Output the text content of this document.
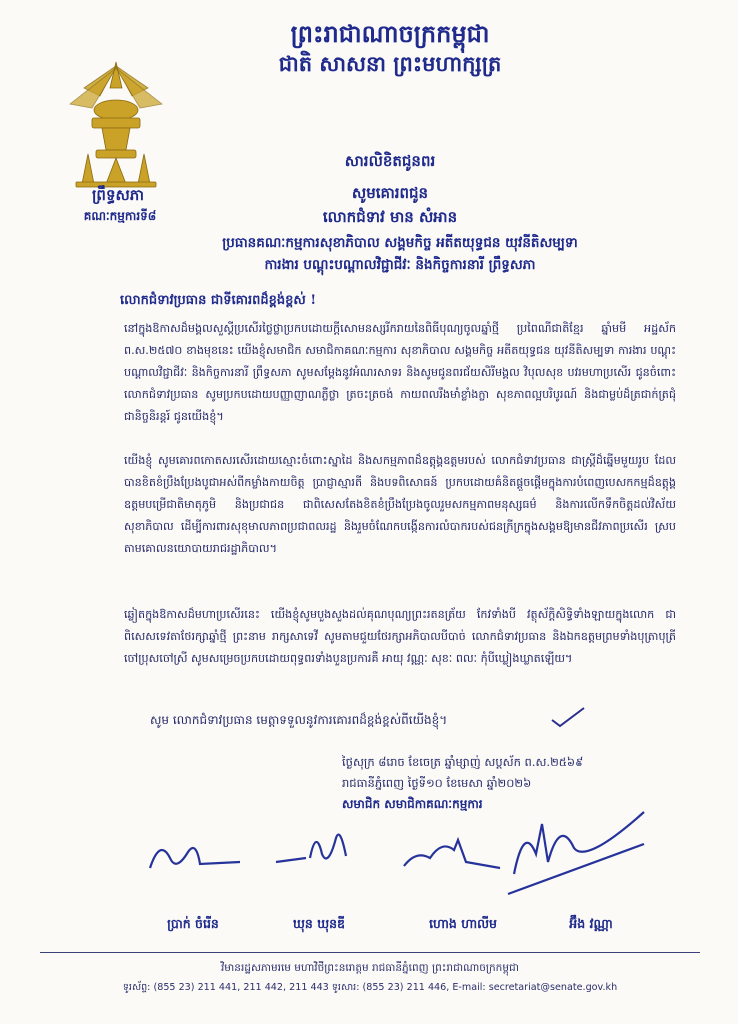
ព្រះរាជាណាចក្រកម្ពុជា
ជាតិ សាសនា ព្រះមហាក្សត្រ
ព្រឹទ្ធសភា
គណៈកម្មការទី៨
សារលិខិតជូនពរ
សូមគោរពជូន
លោកជំទាវ មាន សំអាន
ប្រធានគណៈកម្មការសុខាភិបាល សង្គមកិច្ច អតីតយុទ្ធជន យុវនីតិសម្បទា
ការងារ បណ្តុះបណ្តាលវិជ្ជាជីវៈ និងកិច្ចការនារី ព្រឹទ្ធសភា
លោកជំទាវប្រធាន ជាទីគោរពដ៏ខ្ពង់ខ្ពស់ !

នៅក្នុងឱកាសដ៏មង្គលសួស្តីប្រសើរថ្លៃថ្លាប្រកបដោយក្តីសោមនស្សរីករាយនៃពិធីបុណ្យចូលឆ្នាំថ្មី ប្រពៃណីជាតិខ្មែរ ឆ្នាំមមី អដ្ឋស័ក ព.ស.២៥៧០ ខាងមុខនេះ យើងខ្ញុំសមាជិក សមាជិកាគណៈកម្មការ សុខាភិបាល សង្គមកិច្ច អតីតយុទ្ធជន យុវនីតិសម្បទា ការងារ បណ្តុះបណ្តាលវិជ្ជាជីវៈ និងកិច្ចការនារី ព្រឹទ្ធសភា សូមសម្តែងនូវអំណរសាទរ និងសូមជូនពរជ័យសិរីមង្គល វិបុលសុខ បវរមហាប្រសើរ ជូនចំពោះ លោកជំទាវប្រធាន សូមប្រកបដោយបញ្ញាញាណភ្លឺថ្លា ត្រចះត្រចង់ កាយពលរឹងមាំខ្លាំងក្លា សុខភាពល្អបរិបូរណ៍ និងជាម្លប់ដ៏ត្រជាក់ត្រជុំ ជានិច្ចនិរន្តរ៍ ជូនយើងខ្ញុំ។

យើងខ្ញុំ សូមគោរពកោតសរសើរដោយស្មោះចំពោះស្នាដៃ និងសកម្មភាពដ៏ឧត្តុង្គឧត្តមរបស់ លោកជំទាវប្រធាន ជាស្ត្រីដ៏ឆ្នើមមួយរូប ដែលបានខិតខំប្រឹងប្រែងបូជាអស់ពីកម្លាំងកាយចិត្ត ប្រាជ្ញាស្មារតី និងបទពិសោធន៍ ប្រកបដោយគំនិតផ្តួចផ្តើមក្នុងការបំពេញបេសកកម្មដ៏ឧត្តុង្គឧត្តមបម្រើជាតិមាតុភូមិ និងប្រជាជន ជាពិសេសតែងខិតខំប្រឹងប្រែងចូលរួមសកម្មភាពមនុស្សធម៌ និងការលើកទឹកចិត្តដល់វិស័យសុខាភិបាល ដើម្បីការពារសុខុមាលភាពប្រជាពលរដ្ឋ និងរួមចំណែកបង្កើនការលំបាករបស់ជនក្រីក្រក្នុងសង្គមឱ្យមានជីវភាពប្រសើរ ស្របតាមគោលនយោបាយរាជរដ្ឋាភិបាល។

ឆ្លៀតក្នុងឱកាសដ៏មហាប្រសើរនេះ យើងខ្ញុំសូមបួងសួងដល់គុណបុណ្យព្រះរតនត្រ័យ កែវទាំងបី វត្ថុស័ក្តិសិទ្ធិទាំងឡាយក្នុងលោក ជាពិសេសទេវតាថែរក្សាឆ្នាំថ្មី ព្រះនាម រាក្សសាទេវី សូមតាមជួយថែរក្សាអភិបាលបីបាច់ លោកជំទាវប្រធាន និងឯកឧត្តមព្រមទាំងបុត្រាបុត្រី ចៅប្រុសចៅស្រី សូមសម្រេចប្រកបដោយពុទ្ធពរទាំងបួនប្រការគឺ អាយុ វណ្ណៈ សុខៈ ពលៈ កុំបីឃ្លៀងឃ្លាតឡើយ។

សូម លោកជំទាវប្រធាន មេត្តាទទួលនូវការគោរពដ៏ខ្ពង់ខ្ពស់ពីយើងខ្ញុំ។
ថ្ងៃសុក្រ ៨រោច ខែចេត្រ ឆ្នាំម្សាញ់ សប្តស័ក ព.ស.២៥៦៩
រាជធានីភ្នំពេញ ថ្ងៃទី១០ ខែមេសា ឆ្នាំ២០២៦
សមាជិក សមាជិកាគណៈកម្មការ
ប្រាក់ ចំរើន	ឃុន ឃុនឌី	ហោង ហាលីម	អ៊ឹង វណ្ណា
វិមានរដ្ឋសភាមរមេ មហាវិថីព្រះនរោត្តម រាជធានីភ្នំពេញ ព្រះរាជាណាចក្រកម្ពុជា
ទូរស័ព្ទ: (855 23) 211 441, 211 442, 211 443 ទូរសារ: (855 23) 211 446, E-mail: secretariat@senate.gov.kh
